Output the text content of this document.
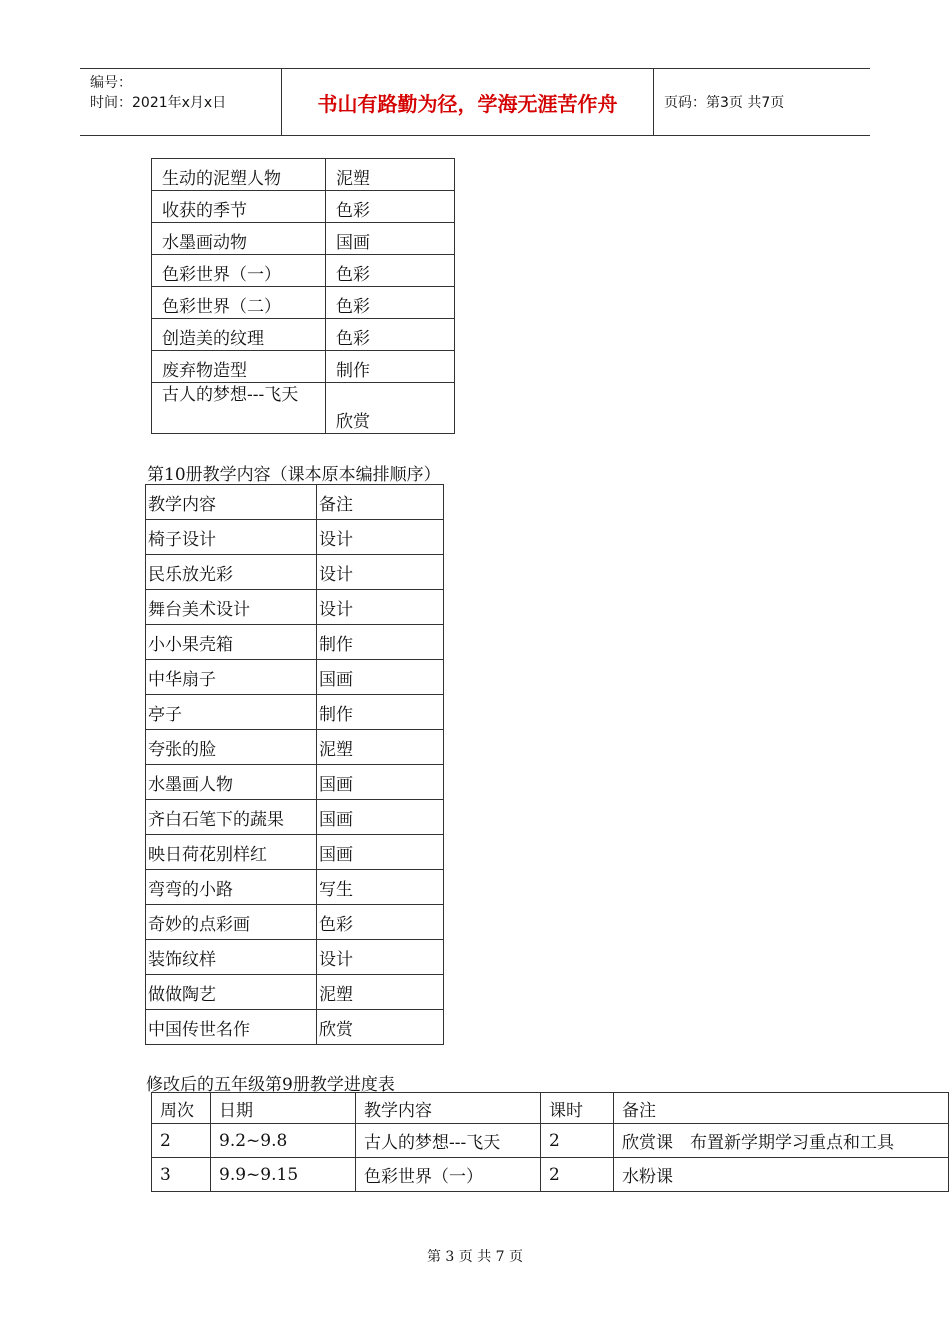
编号：
时间：2021年x月x日	书山有路勤为径，学海无涯苦作舟	页码：第3页 共7页
生动的泥塑人物	泥塑
收获的季节	色彩
水墨画动物	国画
色彩世界（一）	色彩
色彩世界（二）	色彩
创造美的纹理	色彩
废弃物造型	制作
古人的梦想---飞天	欣赏
第10册教学内容（课本原本编排顺序）
教学内容	备注
椅子设计	设计
民乐放光彩	设计
舞台美术设计	设计
小小果壳箱	制作
中华扇子	国画
亭子	制作
夸张的脸	泥塑
水墨画人物	国画
齐白石笔下的蔬果	国画
映日荷花别样红	国画
弯弯的小路	写生
奇妙的点彩画	色彩
装饰纹样	设计
做做陶艺	泥塑
中国传世名作	欣赏
修改后的五年级第9册教学进度表
周次	日期	教学内容	课时	备注
2	9.2~9.8	古人的梦想---飞天	2	欣赏课　布置新学期学习重点和工具
3	9.9~9.15	色彩世界（一）	2	水粉课
第 3 页 共 7 页
